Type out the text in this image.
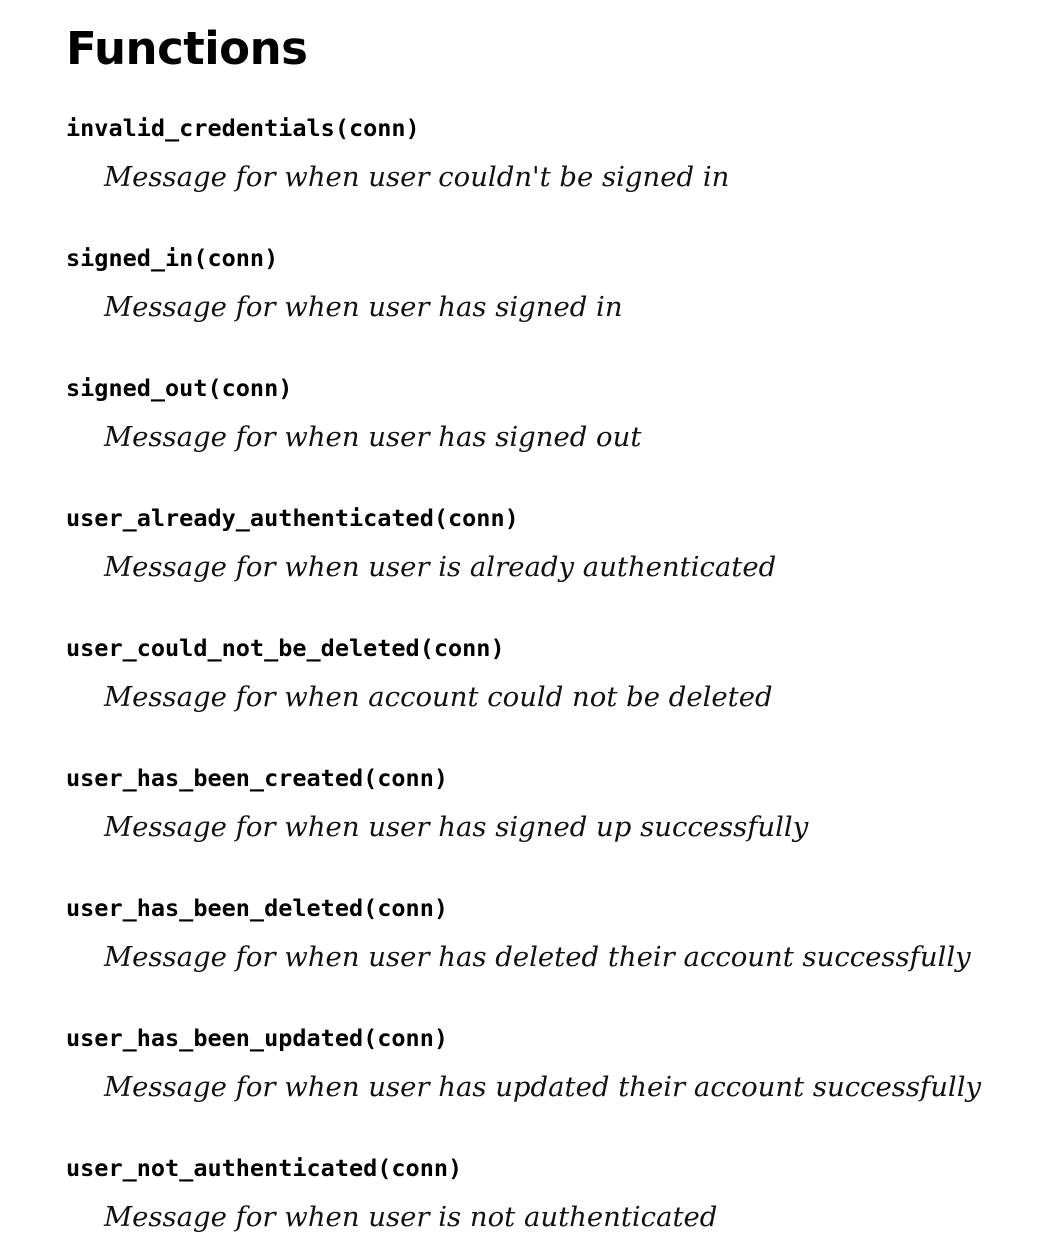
Functions
invalid_credentials(conn)
Message for when user couldn't be signed in
signed_in(conn)
Message for when user has signed in
signed_out(conn)
Message for when user has signed out
user_already_authenticated(conn)
Message for when user is already authenticated
user_could_not_be_deleted(conn)
Message for when account could not be deleted
user_has_been_created(conn)
Message for when user has signed up successfully
user_has_been_deleted(conn)
Message for when user has deleted their account successfully
user_has_been_updated(conn)
Message for when user has updated their account successfully
user_not_authenticated(conn)
Message for when user is not authenticated
